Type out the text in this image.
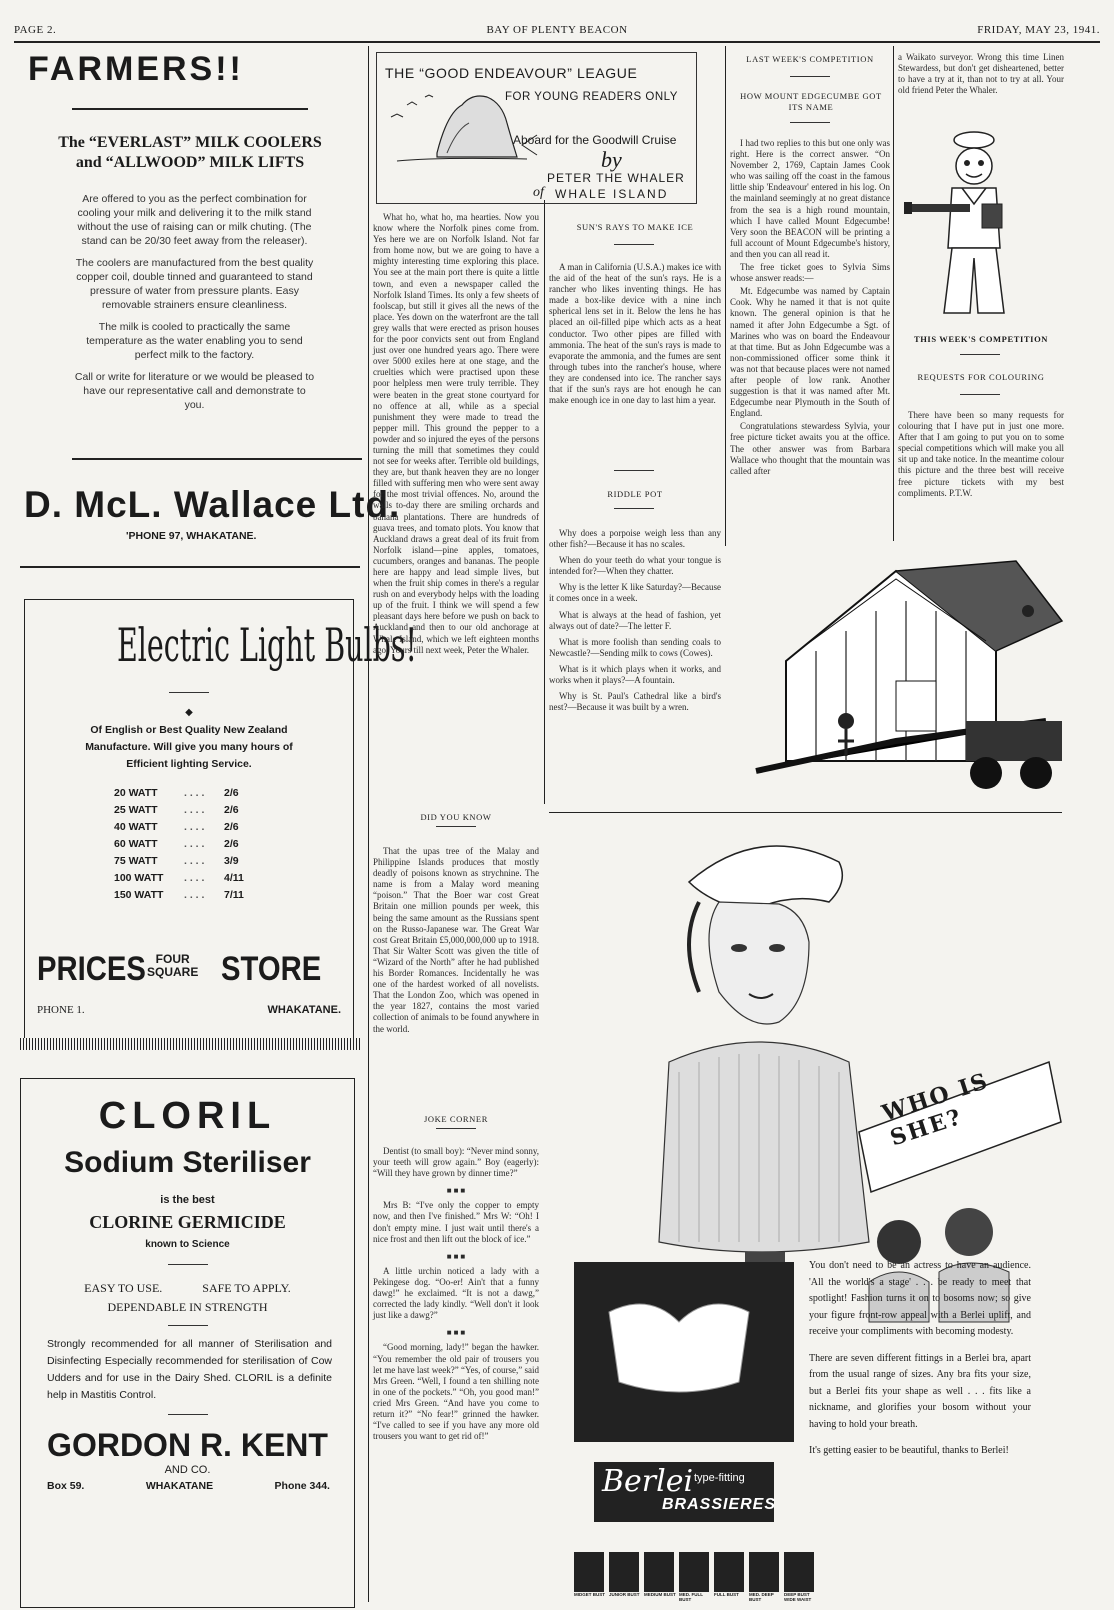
PAGE 2.	BAY OF PLENTY BEACON	FRIDAY, MAY 23, 1941.
FARMERS!!
The “EVERLAST” MILK COOLERS
and “ALLWOOD” MILK LIFTS

Are offered to you as the perfect combination for cooling your milk and delivering it to the milk stand without the use of raising can or milk chuting. (The stand can be 20/30 feet away from the releaser).

The coolers are manufactured from the best quality copper coil, double tinned and guaranteed to stand pressure of water from pressure plants. Easy removable strainers ensure cleanliness.

The milk is cooled to practically the same temperature as the water enabling you to send perfect milk to the factory.

Call or write for literature or we would be pleased to have our representative call and demonstrate to you.

D. McL. Wallace Ltd.
'PHONE 97, WHAKATANE.
Electric Light Bulbs!
◆
Of English or Best Quality New Zealand
Manufacture. Will give you many hours of
Efficient lighting Service.
20 WATT	. . . .	2/6
25 WATT	. . . .	2/6
40 WATT	. . . .	2/6
60 WATT	. . . .	2/6
75 WATT	. . . .	3/9
100 WATT	. . . .	4/11
150 WATT	. . . .	7/11
PRICES FOUR
SQUARE STORE
PHONE 1.	WHAKATANE.
CLORIL
Sodium Steriliser
is the best
CLORINE GERMICIDE
known to Science
EASY TO USE.	SAFE TO APPLY.
DEPENDABLE IN STRENGTH
Strongly recommended for all manner of Sterilisation and Disinfecting Especially recommended for sterilisation of Cow Udders and for use in the Dairy Shed. CLORIL is a definite help in Mastitis Control.
GORDON R. KENT
AND CO.
Box 59.	WHAKATANE	Phone 344.
THE “GOOD ENDEAVOUR” LEAGUE
FOR YOUNG READERS ONLY
Aboard for the Goodwill Cruise
by
PETER THE WHALER
of WHALE ISLAND

What ho, what ho, ma hearties. Now you know where the Norfolk pines come from. Yes here we are on Norfolk Island. Not far from home now, but we are going to have a mighty interesting time exploring this place. You see at the main port there is quite a little town, and even a newspaper called the Norfolk Island Times. Its only a few sheets of foolscap, but still it gives all the news of the place. Yes down on the waterfront are the tall grey walls that were erected as prison houses for the poor convicts sent out from England just over one hundred years ago. There were over 5000 exiles here at one stage, and the cruelties which were practised upon these poor helpless men were truly terrible. They were beaten in the great stone courtyard for no offence at all, while as a special punishment they were made to tread the pepper mill. This ground the pepper to a powder and so injured the eyes of the persons turning the mill that sometimes they could not see for weeks after. Terrible old buildings, they are, but thank heaven they are no longer filled with suffering men who were sent away for the most trivial offences. No, around the walls to-day there are smiling orchards and banana plantations. There are hundreds of guava trees, and tomato plots. You know that Auckland draws a great deal of its fruit from Norfolk island—pine apples, tomatoes, cucumbers, oranges and bananas. The people here are happy and lead simple lives, but when the fruit ship comes in there's a regular rush on and everybody helps with the loading up of the fruit. I think we will spend a few pleasant days here before we push on back to Auckland and then to our old anchorage at Whale Island, which we left eighteen months ago. Yours till next week, Peter the Whaler.

DID YOU KNOW

That the upas tree of the Malay and Philippine Islands produces that mostly deadly of poisons known as strychnine. The name is from a Malay word meaning “poison.” That the Boer war cost Great Britain one million pounds per week, this being the same amount as the Russians spent on the Russo-Japanese war. The Great War cost Great Britain £5,000,000,000 up to 1918. That Sir Walter Scott was given the title of “Wizard of the North” after he had published his Border Romances. Incidentally he was one of the hardest worked of all novelists. That the London Zoo, which was opened in the year 1827, contains the most varied collection of animals to be found anywhere in the world.

JOKE CORNER

Dentist (to small boy): “Never mind sonny, your teeth will grow again.” Boy (eagerly): “Will they have grown by dinner time?”

■ ■ ■

Mrs B: “I've only the copper to empty now, and then I've finished.” Mrs W: “Oh! I don't empty mine. I just wait until there's a nice frost and then lift out the block of ice.”

■ ■ ■

A little urchin noticed a lady with a Pekingese dog. “Oo-er! Ain't that a funny dawg!” he exclaimed. “It is not a dawg,” corrected the lady kindly. “Well don't it look just like a dawg?”

■ ■ ■

“Good morning, lady!” began the hawker. “You remember the old pair of trousers you let me have last week?” “Yes, of course,” said Mrs Green. “Well, I found a ten shilling note in one of the pockets.” “Oh, you good man!” cried Mrs Green. “And have you come to return it?” “No fear!” grinned the hawker. “I've called to see if you have any more old trousers you want to get rid of!”

SUN'S RAYS TO MAKE ICE

A man in California (U.S.A.) makes ice with the aid of the heat of the sun's rays. He is a rancher who likes inventing things. He has made a box-like device with a nine inch spherical lens set in it. Below the lens he has placed an oil-filled pipe which acts as a heat conductor. Two other pipes are filled with ammonia. The heat of the sun's rays is made to evaporate the ammonia, and the fumes are sent through tubes into the rancher's house, where they are condensed into ice. The rancher says that if the sun's rays are hot enough he can make enough ice in one day to last him a year.

RIDDLE POT

Why does a porpoise weigh less than any other fish?—Because it has no scales.

When do your teeth do what your tongue is intended for?—When they chatter.

Why is the letter K like Saturday?—Because it comes once in a week.

What is always at the head of fashion, yet always out of date?—The letter F.

What is more foolish than sending coals to Newcastle?—Sending milk to cows (Cowes).

What is it which plays when it works, and works when it plays?—A fountain.

Why is St. Paul's Cathedral like a bird's nest?—Because it was built by a wren.

LAST WEEK'S COMPETITION
HOW MOUNT EDGECUMBE GOT ITS NAME

I had two replies to this but one only was right. Here is the correct answer. “On November 2, 1769, Captain James Cook who was sailing off the coast in the famous little ship 'Endeavour' entered in his log. On the mainland seemingly at no great distance from the sea is a high round mountain, which I have called Mount Edgecumbe! Very soon the BEACON will be printing a full account of Mount Edgecumbe's history, and then you can all read it.

The free ticket goes to Sylvia Sims whose answer reads:—

Mt. Edgecumbe was named by Captain Cook. Why he named it that is not quite known. The general opinion is that he named it after John Edgecumbe a Sgt. of Marines who was on board the Endeavour at that time. But as John Edgecumbe was a non-commissioned officer some think it was not that because places were not named after people of low rank. Another suggestion is that it was named after Mt. Edgecumbe near Plymouth in the South of England.

Congratulations stewardess Sylvia, your free picture ticket awaits you at the office. The other answer was from Barbara Wallace who thought that the mountain was called after

a Waikato surveyor. Wrong this time Linen Stewardess, but don't get disheartened, better to have a try at it, than not to try at all. Your old friend Peter the Whaler.

THIS WEEK'S COMPETITION
REQUESTS FOR COLOURING

There have been so many requests for colouring that I have put in just one more. After that I am going to put you on to some special competitions which will make you all sit up and take notice. In the meantime colour this picture and the three best will receive free picture tickets with my best compliments. P.T.W.

WHO IS SHE?
Berlei type-fitting
BRASSIERES
MIDGET BUST JUNIOR BUST MEDIUM BUST MED. FULL BUST
FULL BUST	MED. DEEP BUST
DEEP BUST WIDE WAIST

You don't need to be an actress to have an audience. 'All the world's a stage' . . . be ready to meet that spotlight! Fashion turns it on to bosoms now; so give your figure front-row appeal with a Berlei uplift, and receive your compliments with becoming modesty.

There are seven different fittings in a Berlei bra, apart from the usual range of sizes. Any bra fits your size, but a Berlei fits your shape as well . . . fits like a nickname, and glorifies your bosom without your having to hold your breath.

It's getting easier to be beautiful, thanks to Berlei!
